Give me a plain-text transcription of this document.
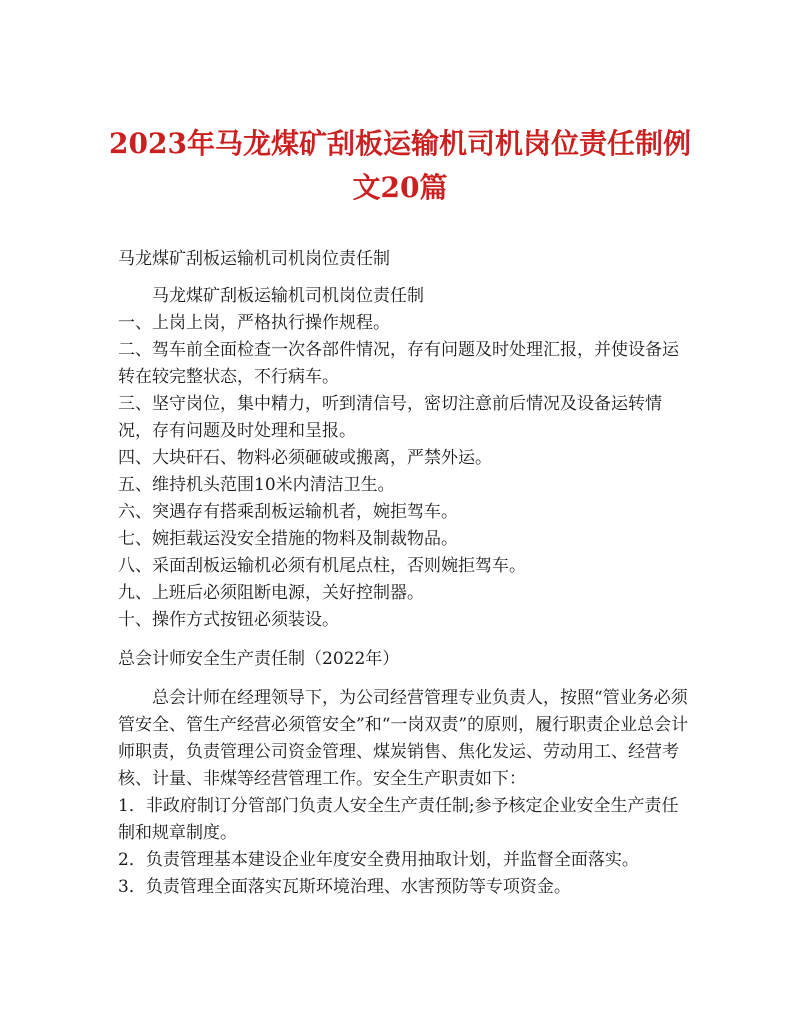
2023年马龙煤矿刮板运输机司机岗位责任制例文20篇

马龙煤矿刮板运输机司机岗位责任制

马龙煤矿刮板运输机司机岗位责任制

一、上岗上岗，严格执行操作规程。

二、驾车前全面检查一次各部件情况，存有问题及时处理汇报，并使设备运转在较完整状态，不行病车。

三、坚守岗位，集中精力，听到清信号，密切注意前后情况及设备运转情况，存有问题及时处理和呈报。

四、大块矸石、物料必须砸破或搬离，严禁外运。

五、维持机头范围10米内清洁卫生。

六、突遇存有搭乘刮板运输机者，婉拒驾车。

七、婉拒载运没安全措施的物料及制裁物品。

八、采面刮板运输机必须有机尾点柱，否则婉拒驾车。

九、上班后必须阻断电源，关好控制器。

十、操作方式按钮必须装设。

总会计师安全生产责任制（2022年）

总会计师在经理领导下，为公司经营管理专业负责人，按照“管业务必须管安全、管生产经营必须管安全”和“一岗双责”的原则，履行职责企业总会计师职责，负责管理公司资金管理、煤炭销售、焦化发运、劳动用工、经营考核、计量、非煤等经营管理工作。安全生产职责如下：

1．非政府制订分管部门负责人安全生产责任制;参予核定企业安全生产责任制和规章制度。

2．负责管理基本建设企业年度安全费用抽取计划，并监督全面落实。

3．负责管理全面落实瓦斯环境治理、水害预防等专项资金。
